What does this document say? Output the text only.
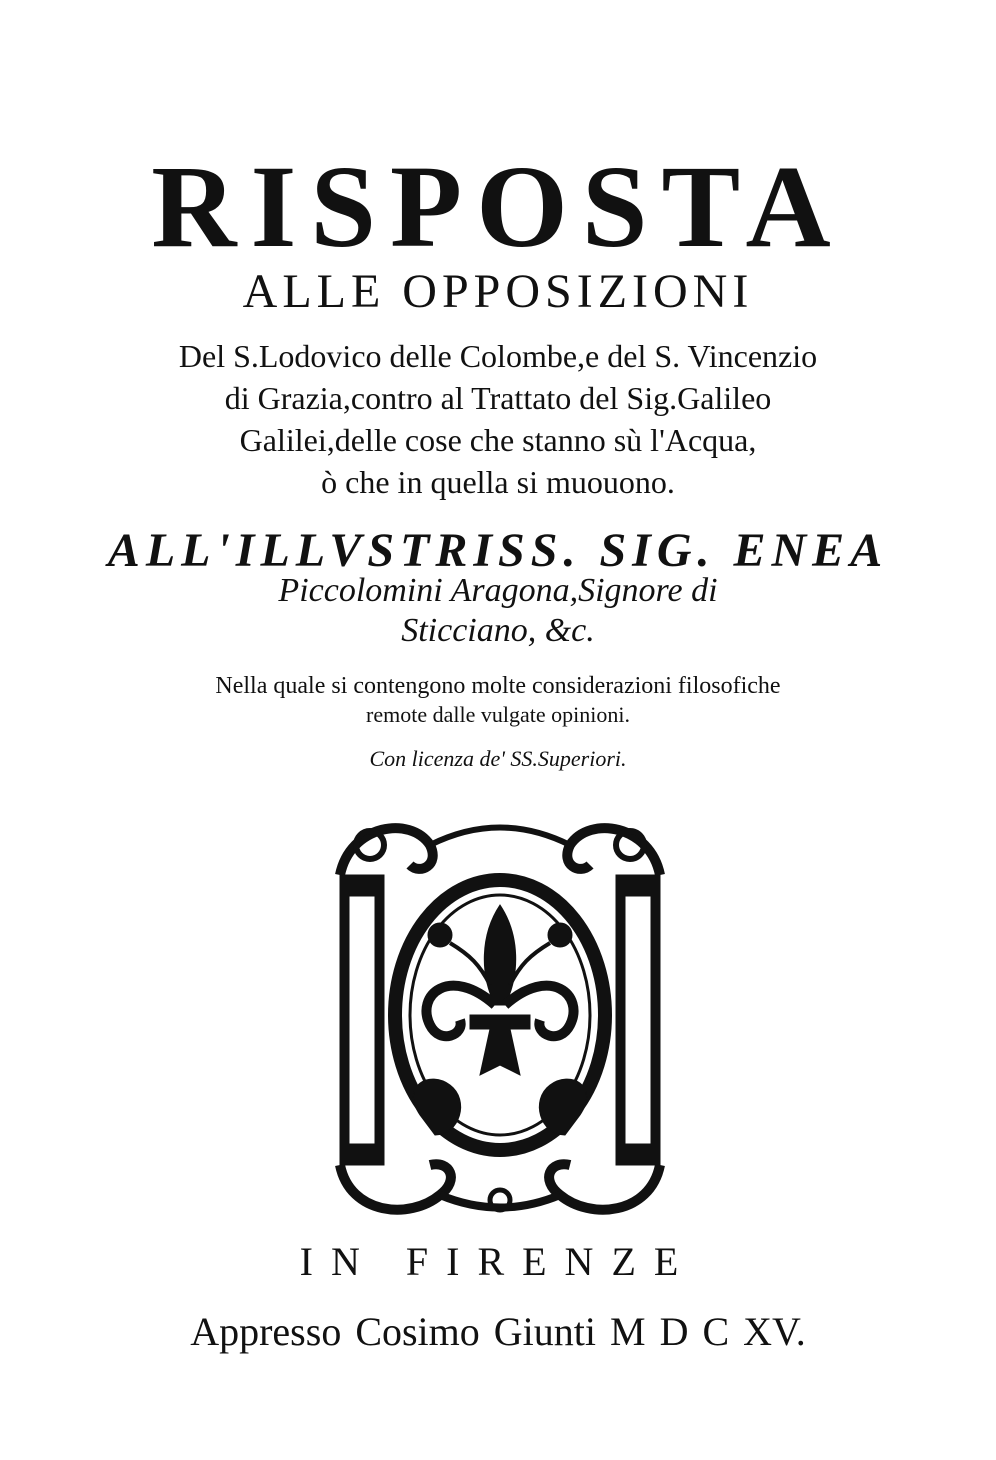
RISPOSTA
ALLE OPPOSIZIONI
Del S.Lodovico delle Colombe,e del S. Vincenzio
di Grazia,contro al Trattato del Sig.Galileo
Galilei,delle cose che stanno sù l'Acqua,
ò che in quella si muouono.
ALL'ILLVSTRISS. SIG. ENEA
Piccolomini Aragona,Signore di
Sticciano, &c.
Nella quale si contengono molte considerazioni filosofiche
remote dalle vulgate opinioni.
Con licenza de' SS.Superiori.
IN FIRENZE
Appresso Cosimo Giunti M D C XV.
